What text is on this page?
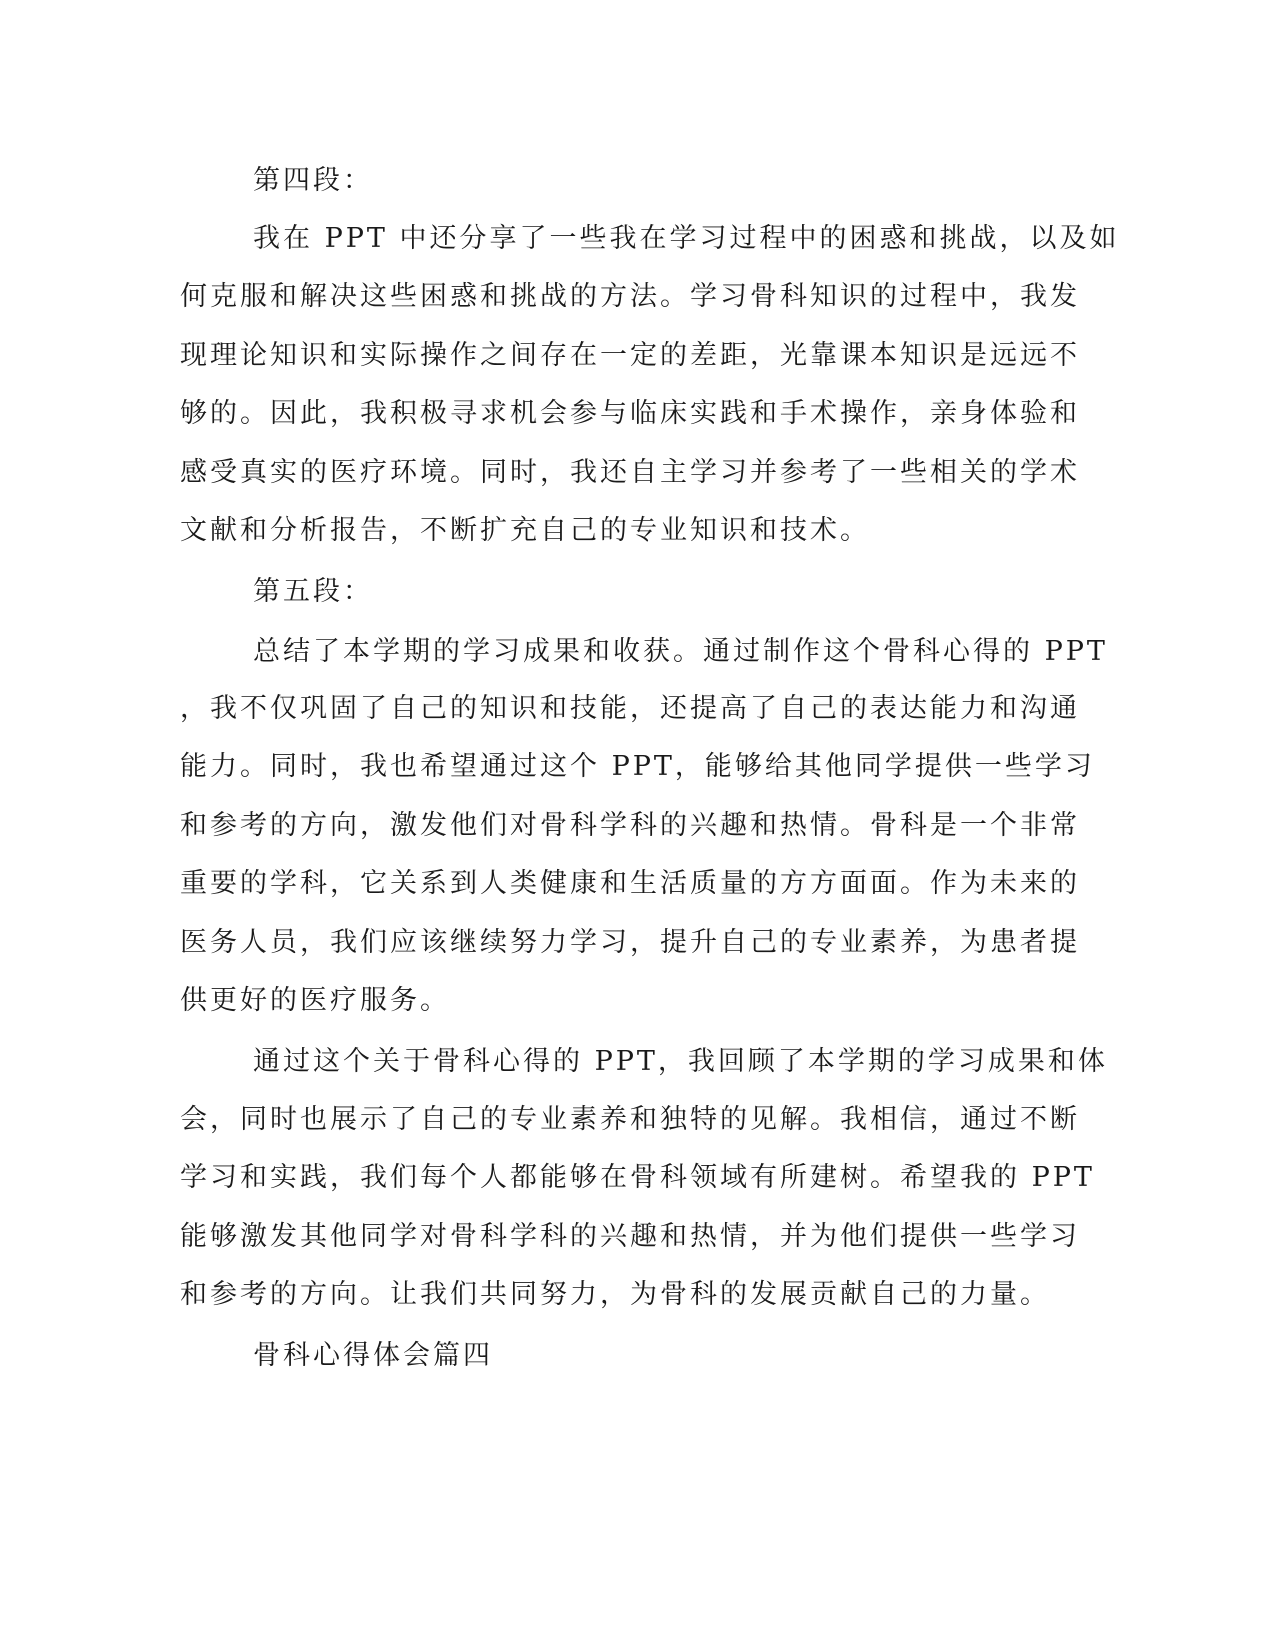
第四段：
我在 PPT 中还分享了一些我在学习过程中的困惑和挑战，以及如
何克服和解决这些困惑和挑战的方法。学习骨科知识的过程中，我发
现理论知识和实际操作之间存在一定的差距，光靠课本知识是远远不
够的。因此，我积极寻求机会参与临床实践和手术操作，亲身体验和
感受真实的医疗环境。同时，我还自主学习并参考了一些相关的学术
文献和分析报告，不断扩充自己的专业知识和技术。
第五段：
总结了本学期的学习成果和收获。通过制作这个骨科心得的 PPT
，我不仅巩固了自己的知识和技能，还提高了自己的表达能力和沟通
能力。同时，我也希望通过这个 PPT，能够给其他同学提供一些学习
和参考的方向，激发他们对骨科学科的兴趣和热情。骨科是一个非常
重要的学科，它关系到人类健康和生活质量的方方面面。作为未来的
医务人员，我们应该继续努力学习，提升自己的专业素养，为患者提
供更好的医疗服务。
通过这个关于骨科心得的 PPT，我回顾了本学期的学习成果和体
会，同时也展示了自己的专业素养和独特的见解。我相信，通过不断
学习和实践，我们每个人都能够在骨科领域有所建树。希望我的 PPT
能够激发其他同学对骨科学科的兴趣和热情，并为他们提供一些学习
和参考的方向。让我们共同努力，为骨科的发展贡献自己的力量。
骨科心得体会篇四
